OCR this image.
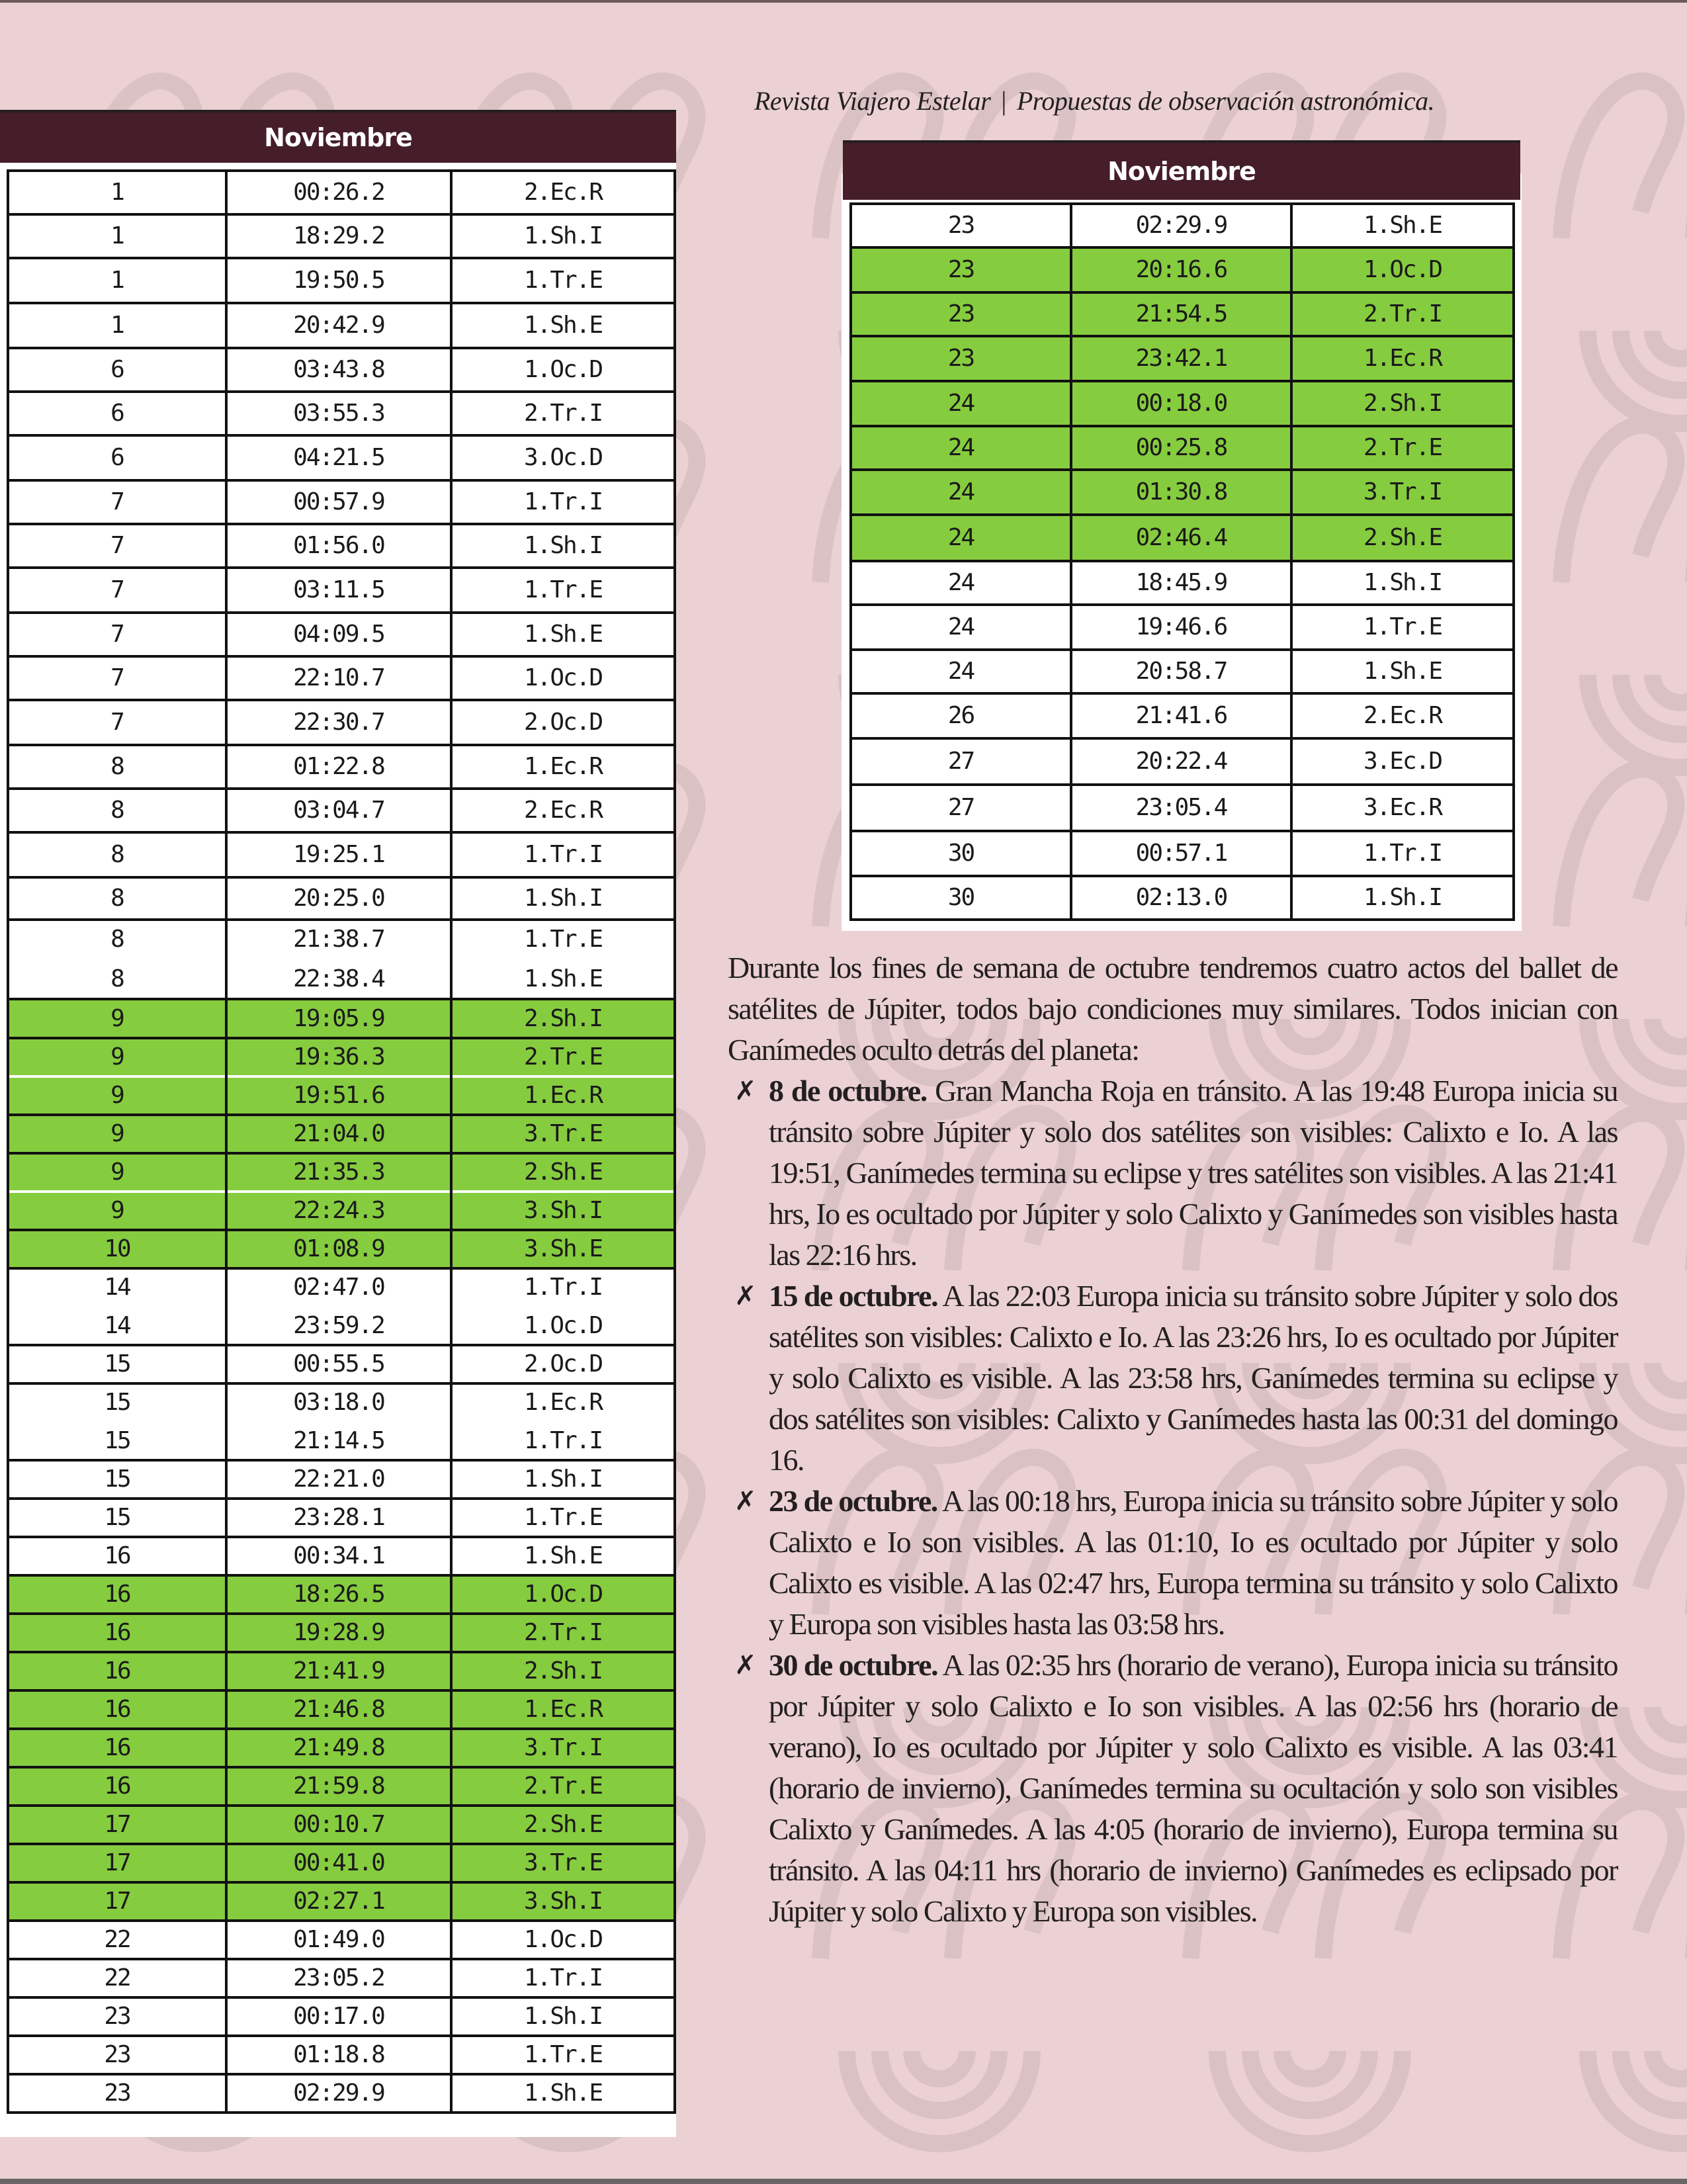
Revista Viajero Estelar | Propuestas de observación astronómica.
Noviembre
1	00:26.2	2.Ec.R
1	18:29.2	1.Sh.I
1	19:50.5	1.Tr.E
1	20:42.9	1.Sh.E
6	03:43.8	1.Oc.D
6	03:55.3	2.Tr.I
6	04:21.5	3.Oc.D
7	00:57.9	1.Tr.I
7	01:56.0	1.Sh.I
7	03:11.5	1.Tr.E
7	04:09.5	1.Sh.E
7	22:10.7	1.Oc.D
7	22:30.7	2.Oc.D
8	01:22.8	1.Ec.R
8	03:04.7	2.Ec.R
8	19:25.1	1.Tr.I
8	20:25.0	1.Sh.I
8	21:38.7	1.Tr.E
8	22:38.4	1.Sh.E
9	19:05.9	2.Sh.I
9	19:36.3	2.Tr.E
9	19:51.6	1.Ec.R
9	21:04.0	3.Tr.E
9	21:35.3	2.Sh.E
9	22:24.3	3.Sh.I
10	01:08.9	3.Sh.E
14	02:47.0	1.Tr.I
14	23:59.2	1.Oc.D
15	00:55.5	2.Oc.D
15	03:18.0	1.Ec.R
15	21:14.5	1.Tr.I
15	22:21.0	1.Sh.I
15	23:28.1	1.Tr.E
16	00:34.1	1.Sh.E
16	18:26.5	1.Oc.D
16	19:28.9	2.Tr.I
16	21:41.9	2.Sh.I
16	21:46.8	1.Ec.R
16	21:49.8	3.Tr.I
16	21:59.8	2.Tr.E
17	00:10.7	2.Sh.E
17	00:41.0	3.Tr.E
17	02:27.1	3.Sh.I
22	01:49.0	1.Oc.D
22	23:05.2	1.Tr.I
23	00:17.0	1.Sh.I
23	01:18.8	1.Tr.E
23	02:29.9	1.Sh.E
Noviembre
23	02:29.9	1.Sh.E
23	20:16.6	1.Oc.D
23	21:54.5	2.Tr.I
23	23:42.1	1.Ec.R
24	00:18.0	2.Sh.I
24	00:25.8	2.Tr.E
24	01:30.8	3.Tr.I
24	02:46.4	2.Sh.E
24	18:45.9	1.Sh.I
24	19:46.6	1.Tr.E
24	20:58.7	1.Sh.E
26	21:41.6	2.Ec.R
27	20:22.4	3.Ec.D
27	23:05.4	3.Ec.R
30	00:57.1	1.Tr.I
30	02:13.0	1.Sh.I

Durante los fines de semana de octubre tendremos cuatro actos del ballet de satélites de Júpiter, todos bajo condiciones muy similares. Todos inician con Ganímedes oculto detrás del planeta:

✗ 8 de octubre. Gran Mancha Roja en tránsito. A las 19:48 Europa inicia su tránsito sobre Júpiter y solo dos satélites son visibles: Calixto e Io. A las 19:51, Ganímedes termina su eclipse y tres satélites son visibles. A las 21:41 hrs, Io es ocultado por Júpiter y solo Calixto y Ganímedes son visibles hasta las 22:16 hrs.
✗ 15 de octubre. A las 22:03 Europa inicia su tránsito sobre Júpiter y solo dos satélites son visibles: Calixto e Io. A las 23:26 hrs, Io es ocultado por Júpiter y solo Calixto es visible. A las 23:58 hrs, Ganímedes termina su eclipse y dos satélites son visibles: Calixto y Ganímedes hasta las 00:31 del domingo 16.
✗ 23 de octubre. A las 00:18 hrs, Europa inicia su tránsito sobre Júpiter y solo Calixto e Io son visibles. A las 01:10, Io es ocultado por Júpiter y solo Calixto es visible. A las 02:47 hrs, Europa termina su tránsito y solo Calixto y Europa son visibles hasta las 03:58 hrs.
✗ 30 de octubre. A las 02:35 hrs (horario de verano), Europa inicia su tránsito por Júpiter y solo Calixto e Io son visibles. A las 02:56 hrs (horario de verano), Io es ocultado por Júpiter y solo Calixto es visible. A las 03:41 (horario de invierno), Ganímedes termina su ocultación y solo son visibles Calixto y Ganímedes. A las 4:05 (horario de invierno), Europa termina su tránsito. A las 04:11 hrs (horario de invierno) Ganímedes es eclipsado por Júpiter y solo Calixto y Europa son visibles.
